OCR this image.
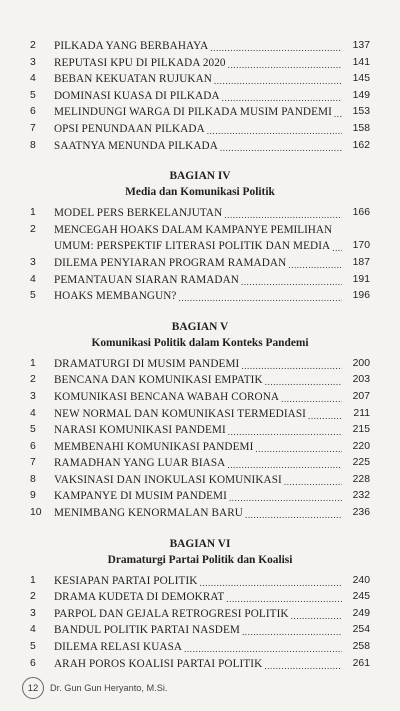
2	PILKADA YANG BERBAHAYA .....	137
3	REPUTASI KPU DI PILKADA 2020 .....	141
4	BEBAN KEKUATAN RUJUKAN .....	145
5	DOMINASI KUASA DI PILKADA .....	149
6	MELINDUNGI WARGA DI PILKADA MUSIM PANDEMI .....	153
7	OPSI PENUNDAAN PILKADA .....	158
8	SAATNYA MENUNDA PILKADA .....	162
BAGIAN IV
Media dan Komunikasi Politik
1	MODEL PERS BERKELANJUTAN .....	166
2	MENCEGAH HOAKS DALAM KAMPANYE PEMILIHAN
UMUM: PERSPEKTIF LITERASI POLITIK DAN MEDIA .....	170
3	DILEMA PENYIARAN PROGRAM RAMADAN .....	187
4	PEMANTAUAN SIARAN RAMADAN .....	191
5	HOAKS MEMBANGUN? .....	196
BAGIAN V
Komunikasi Politik dalam Konteks Pandemi
1	DRAMATURGI DI MUSIM PANDEMI .....	200
2	BENCANA DAN KOMUNIKASI EMPATIK .....	203
3	KOMUNIKASI BENCANA WABAH CORONA .....	207
4	NEW NORMAL DAN KOMUNIKASI TERMEDIASI .....	211
5	NARASI KOMUNIKASI PANDEMI .....	215
6	MEMBENAHI KOMUNIKASI PANDEMI .....	220
7	RAMADHAN YANG LUAR BIASA .....	225
8	VAKSINASI DAN INOKULASI KOMUNIKASI .....	228
9	KAMPANYE DI MUSIM PANDEMI .....	232
10	MENIMBANG KENORMALAN BARU .....	236
BAGIAN VI
Dramaturgi Partai Politik dan Koalisi
1	KESIAPAN PARTAI POLITIK .....	240
2	DRAMA KUDETA DI DEMOKRAT .....	245
3	PARPOL DAN GEJALA RETROGRESI POLITIK .....	249
4	BANDUL POLITIK PARTAI NASDEM .....	254
5	DILEMA RELASI KUASA .....	258
6	ARAH POROS KOALISI PARTAI POLITIK .....	261
12	Dr. Gun Gun Heryanto, M.Si.
